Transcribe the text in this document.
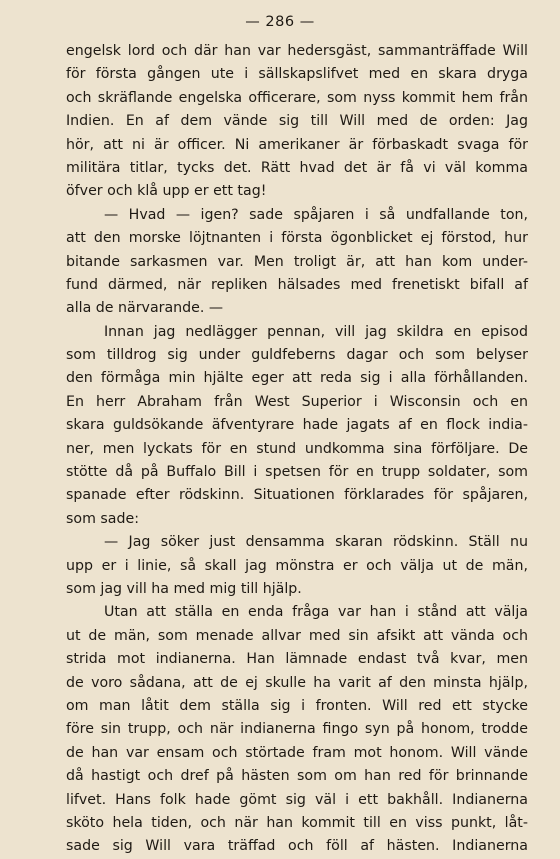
— 286 —
engelsk lord och där han var hedersgäst, sammanträffade Will
för första gången ute i sällskapslifvet med en skara dryga
och skräflande engelska officerare, som nyss kommit hem från
Indien. En af dem vände sig till Will med de orden: Jag
hör, att ni är officer. Ni amerikaner är förbaskadt svaga för
militära titlar, tycks det. Rätt hvad det är få vi väl komma
öfver och klå upp er ett tag!
— Hvad — igen? sade spåjaren i så undfallande ton,
att den morske löjtnanten i första ögonblicket ej förstod, hur
bitande sarkasmen var. Men troligt är, att han kom under-
fund därmed, när repliken hälsades med frenetiskt bifall af
alla de närvarande. —
Innan jag nedlägger pennan, vill jag skildra en episod
som tilldrog sig under guldfeberns dagar och som belyser
den förmåga min hjälte eger att reda sig i alla förhållanden.
En herr Abraham från West Superior i Wisconsin och en
skara guldsökande äfventyrare hade jagats af en flock india-
ner, men lyckats för en stund undkomma sina förföljare. De
stötte då på Buffalo Bill i spetsen för en trupp soldater, som
spanade efter rödskinn. Situationen förklarades för spåjaren,
som sade:
— Jag söker just densamma skaran rödskinn. Ställ nu
upp er i linie, så skall jag mönstra er och välja ut de män,
som jag vill ha med mig till hjälp.
Utan att ställa en enda fråga var han i stånd att välja
ut de män, som menade allvar med sin afsikt att vända och
strida mot indianerna. Han lämnade endast två kvar, men
de voro sådana, att de ej skulle ha varit af den minsta hjälp,
om man låtit dem ställa sig i fronten. Will red ett stycke
före sin trupp, och när indianerna fingo syn på honom, trodde
de han var ensam och störtade fram mot honom. Will vände
då hastigt och dref på hästen som om han red för brinnande
lifvet. Hans folk hade gömt sig väl i ett bakhåll. Indianerna
sköto hela tiden, och när han kommit till en viss punkt, låt-
sade sig Will vara träffad och föll af hästen. Indianerna
